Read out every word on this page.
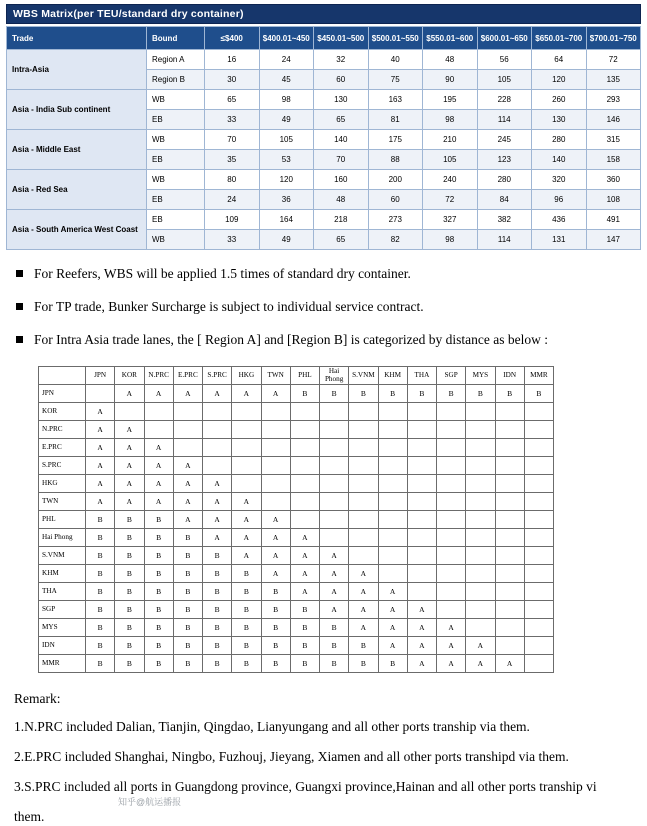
WBS Matrix(per TEU/standard dry container)
Trade	Bound	≤$400	$400.01~450	$450.01~500	$500.01~550	$550.01~600	$600.01~650	$650.01~700	$700.01~750
Intra-Asia	Region A	16	24	32	40	48	56	64	72
	Region B	30	45	60	75	90	105	120	135
Asia - India Sub continent	WB	65	98	130	163	195	228	260	293
	EB	33	49	65	81	98	114	130	146
Asia - Middle East	WB	70	105	140	175	210	245	280	315
	EB	35	53	70	88	105	123	140	158
Asia - Red Sea	WB	80	120	160	200	240	280	320	360
	EB	24	36	48	60	72	84	96	108
Asia - South America West Coast	EB	109	164	218	273	327	382	436	491
	WB	33	49	65	82	98	114	131	147
For Reefers, WBS will be applied 1.5 times of standard dry container.
For TP trade, Bunker Surcharge is subject to individual service contract.
For Intra Asia trade lanes, the [ Region A] and [Region B] is categorized by distance as below :
	JPN	KOR	N.PRC	E.PRC	S.PRC	HKG	TWN	PHL	Hai Phong	S.VNM	KHM	THA	SGP	MYS	IDN	MMR
JPN		A	A	A	A	A	A	B	B	B	B	B	B	B	B	B
KOR	A															
N.PRC	A	A														
E.PRC	A	A	A													
S.PRC	A	A	A	A												
HKG	A	A	A	A	A											
TWN	A	A	A	A	A	A										
PHL	B	B	B	A	A	A	A									
Hai Phong	B	B	B	B	A	A	A	A								
S.VNM	B	B	B	B	B	A	A	A	A							
KHM	B	B	B	B	B	B	A	A	A	A						
THA	B	B	B	B	B	B	B	A	A	A	A					
SGP	B	B	B	B	B	B	B	B	A	A	A	A				
MYS	B	B	B	B	B	B	B	B	B	A	A	A	A			
IDN	B	B	B	B	B	B	B	B	B	B	A	A	A	A		
MMR	B	B	B	B	B	B	B	B	B	B	B	A	A	A	A	
Remark:

1.N.PRC included Dalian, Tianjin, Qingdao, Lianyungang and all other ports tranship via them.

2.E.PRC included Shanghai, Ningbo, Fuzhouj, Jieyang, Xiamen and all other ports transhipd via them.

3.S.PRC included all ports in Guangdong province, Guangxi province,Hainan and all other ports tranship vi

them.

知乎@航运播报
